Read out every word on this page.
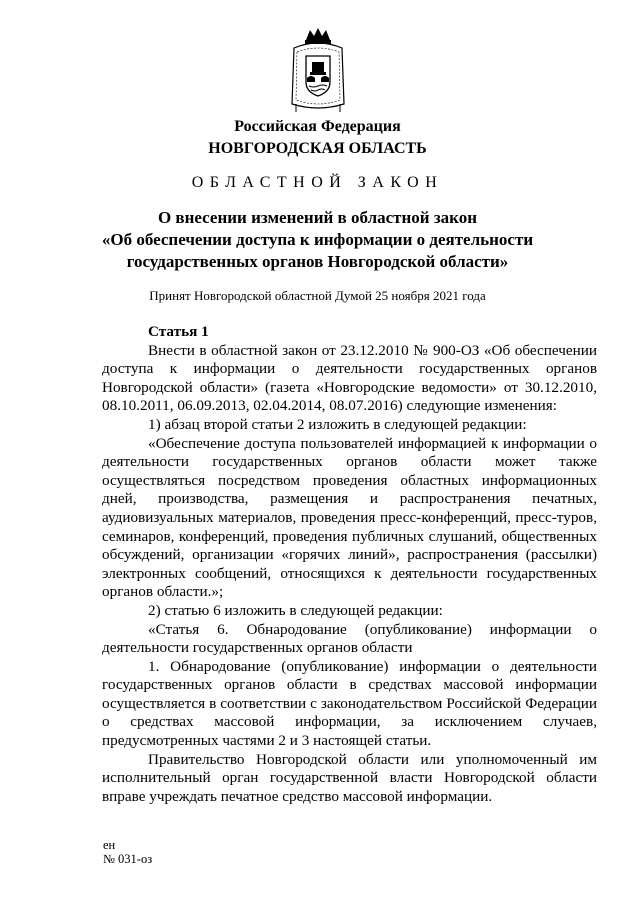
Российская Федерация
НОВГОРОДСКАЯ ОБЛАСТЬ
ОБЛАСТНОЙ ЗАКОН
О внесении изменений в областной закон
«Об обеспечении доступа к информации о деятельности
государственных органов Новгородской области»
Принят Новгородской областной Думой 25 ноября 2021 года

Статья 1

Внести в областной закон от 23.12.2010 № 900-ОЗ «Об обеспечении доступа к информации о деятельности государственных органов Новгородской области» (газета «Новгородские ведомости» от 30.12.2010, 08.10.2011, 06.09.2013, 02.04.2014, 08.07.2016) следующие изменения:

1) абзац второй статьи 2 изложить в следующей редакции:

«Обеспечение доступа пользователей информацией к информации о деятельности государственных органов области может также осуществляться посредством проведения областных информационных дней, производства, размещения и распространения печатных, аудиовизуальных материалов, проведения пресс-конференций, пресс-туров, семинаров, конференций, проведения публичных слушаний, общественных обсуждений, организации «горячих линий», распространения (рассылки) электронных сообщений, относящихся к деятельности государственных органов области.»;

2) статью 6 изложить в следующей редакции:

«Статья 6. Обнародование (опубликование) информации о деятельности государственных органов области

1. Обнародование (опубликование) информации о деятельности государственных органов области в средствах массовой информации осуществляется в соответствии с законодательством Российской Федерации о средствах массовой информации, за исключением случаев, предусмотренных частями 2 и 3 настоящей статьи.

Правительство Новгородской области или уполномоченный им исполнительный орган государственной власти Новгородской области вправе учреждать печатное средство массовой информации.

ен
№ 031-оз
